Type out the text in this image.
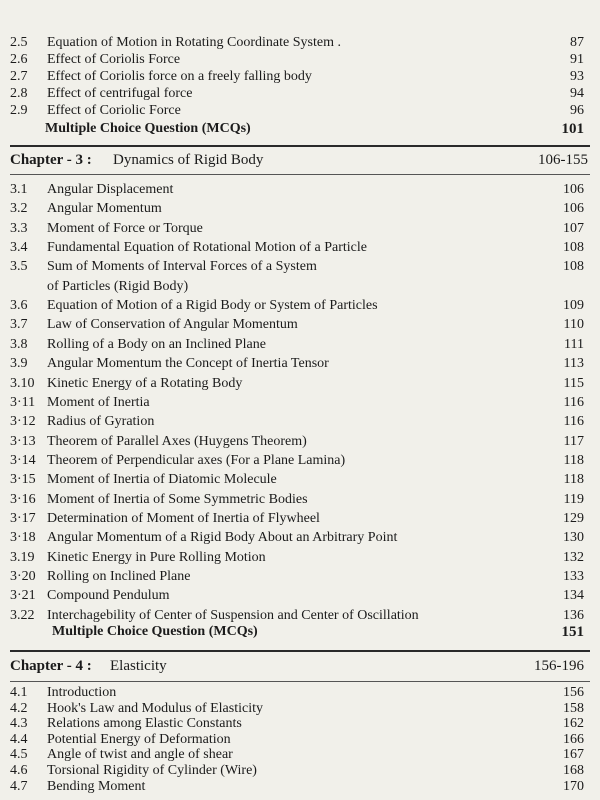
2.5 Equation of Motion in Rotating Coordinate System .	87
2.6 Effect of Coriolis Force	91
2.7 Effect of Coriolis force on a freely falling body	93
2.8 Effect of centrifugal force	94
2.9 Effect of Coriolic Force	96
Multiple Choice Question (MCQs)	101
Chapter - 3 : Dynamics of Rigid Body	106-155
3.1 Angular Displacement	106
3.2 Angular Momentum	106
3.3 Moment of Force or Torque	107
3.4 Fundamental Equation of Rotational Motion of a Particle	108
3.5 Sum of Moments of Interval Forces of a System	108
of Particles (Rigid Body)
3.6 Equation of Motion of a Rigid Body or System of Particles	109
3.7 Law of Conservation of Angular Momentum	110
3.8 Rolling of a Body on an Inclined Plane	111
3.9 Angular Momentum the Concept of Inertia Tensor	113
3.10 Kinetic Energy of a Rotating Body	115
3·11 Moment of Inertia	116
3·12 Radius of Gyration	116
3·13 Theorem of Parallel Axes (Huygens Theorem)	117
3·14 Theorem of Perpendicular axes (For a Plane Lamina)	118
3·15 Moment of Inertia of Diatomic Molecule	118
3·16 Moment of Inertia of Some Symmetric Bodies	119
3·17 Determination of Moment of Inertia of Flywheel	129
3·18 Angular Momentum of a Rigid Body About an Arbitrary Point	130
3.19 Kinetic Energy in Pure Rolling Motion	132
3·20 Rolling on Inclined Plane	133
3·21 Compound Pendulum	134
3.22 Interchagebility of Center of Suspension and Center of Oscillation	136
Multiple Choice Question (MCQs)	151
Chapter - 4 : Elasticity	156-196
4.1 Introduction	156
4.2 Hook's Law and Modulus of Elasticity	158
4.3 Relations among Elastic Constants	162
4.4 Potential Energy of Deformation	166
4.5 Angle of twist and angle of shear	167
4.6 Torsional Rigidity of Cylinder (Wire)	168
4.7 Bending Moment	170
